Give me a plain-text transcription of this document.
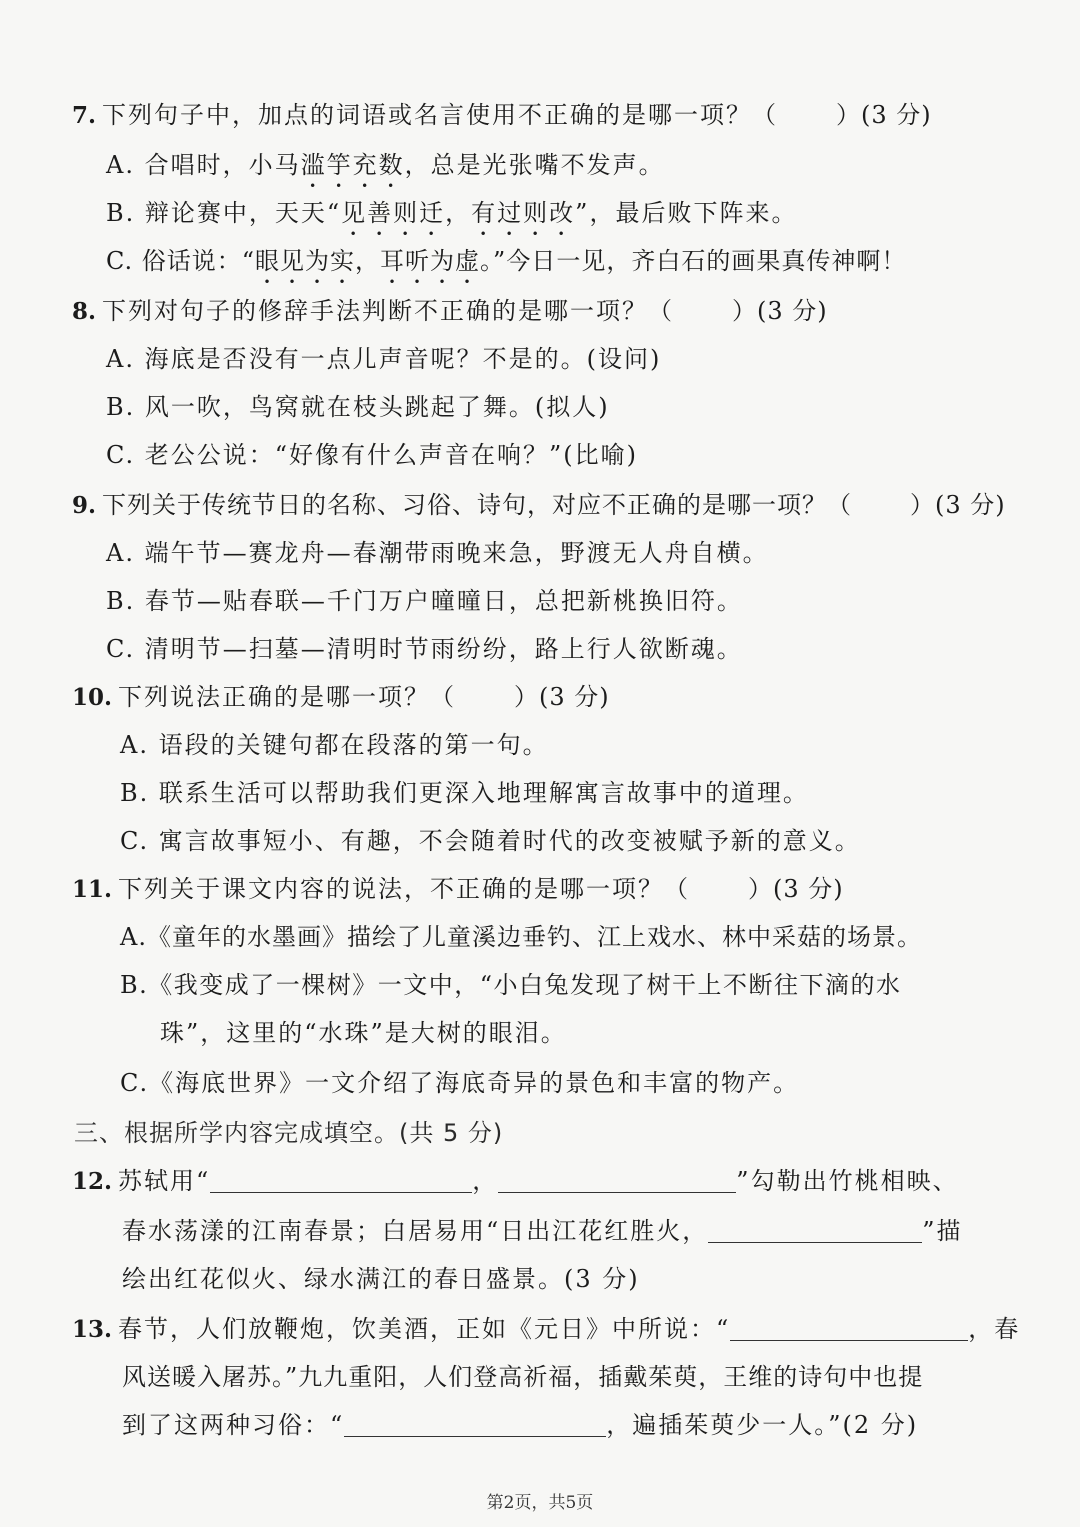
7. 下列句子中，加点的词语或名言使用不正确的是哪一项？（ ）(3 分)
A. 合唱时，小马滥竽充数，总是光张嘴不发声。
B. 辩论赛中，天天“见善则迁，有过则改”，最后败下阵来。
C. 俗话说：“眼见为实，耳听为虚。”今日一见，齐白石的画果真传神啊！
8. 下列对句子的修辞手法判断不正确的是哪一项？（ ）(3 分)
A. 海底是否没有一点儿声音呢？不是的。(设问)
B. 风一吹，鸟窝就在枝头跳起了舞。(拟人)
C. 老公公说：“好像有什么声音在响？”(比喻)
9. 下列关于传统节日的名称、习俗、诗句，对应不正确的是哪一项？（ ）(3 分)
A. 端午节—赛龙舟—春潮带雨晚来急，野渡无人舟自横。
B. 春节—贴春联—千门万户曈曈日，总把新桃换旧符。
C. 清明节—扫墓—清明时节雨纷纷，路上行人欲断魂。
10. 下列说法正确的是哪一项？（ ）(3 分)
A. 语段的关键句都在段落的第一句。
B. 联系生活可以帮助我们更深入地理解寓言故事中的道理。
C. 寓言故事短小、有趣，不会随着时代的改变被赋予新的意义。
11. 下列关于课文内容的说法，不正确的是哪一项？（ ）(3 分)
A.《童年的水墨画》描绘了儿童溪边垂钓、江上戏水、林中采菇的场景。
B.《我变成了一棵树》一文中，“小白兔发现了树干上不断往下滴的水
珠”，这里的“水珠”是大树的眼泪。
C.《海底世界》一文介绍了海底奇异的景色和丰富的物产。
三、根据所学内容完成填空。(共 5 分)
12. 苏轼用“	，	”勾勒出竹桃相映、
春水荡漾的江南春景；白居易用“日出江花红胜火，	”描
绘出红花似火、绿水满江的春日盛景。(3 分)
13. 春节，人们放鞭炮，饮美酒，正如《元日》中所说：“	，春
风送暖入屠苏。”九九重阳，人们登高祈福，插戴茱萸，王维的诗句中也提
到了这两种习俗：“	，遍插茱萸少一人。”(2 分)
第2页，共5页
